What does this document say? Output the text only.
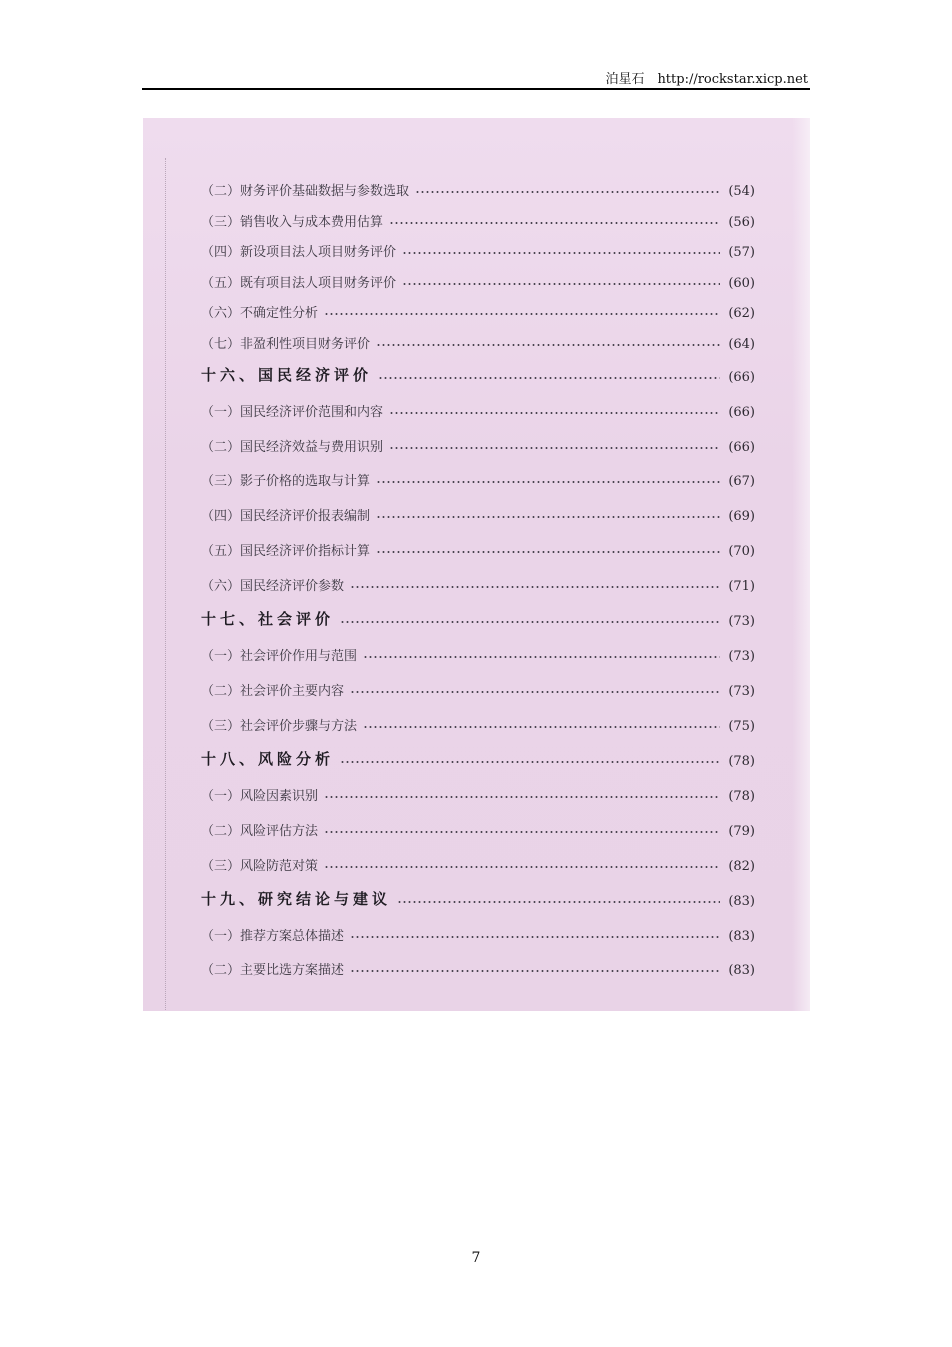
泊星石　http://rockstar.xicp.net
（二）财务评价基础数据与参数选取	(54)
（三）销售收入与成本费用估算	(56)
（四）新设项目法人项目财务评价	(57)
（五）既有项目法人项目财务评价	(60)
（六）不确定性分析	(62)
（七）非盈利性项目财务评价	(64)
十六、国民经济评价	(66)
（一）国民经济评价范围和内容	(66)
（二）国民经济效益与费用识别	(66)
（三）影子价格的选取与计算	(67)
（四）国民经济评价报表编制	(69)
（五）国民经济评价指标计算	(70)
（六）国民经济评价参数	(71)
十七、社会评价	(73)
（一）社会评价作用与范围	(73)
（二）社会评价主要内容	(73)
（三）社会评价步骤与方法	(75)
十八、风险分析	(78)
（一）风险因素识别	(78)
（二）风险评估方法	(79)
（三）风险防范对策	(82)
十九、研究结论与建议	(83)
（一）推荐方案总体描述	(83)
（二）主要比选方案描述	(83)
7
